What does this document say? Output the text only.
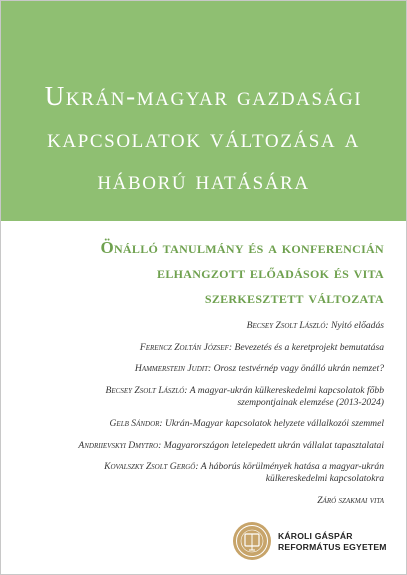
Ukrán-magyar gazdasági
kapcsolatok változása a
háború hatására
Önálló tanulmány és a konferencián
elhangzott előadások és vita
szerkesztett változata
Becsey Zsolt László: Nyitó előadás
Ferencz Zoltán József: Bevezetés és a keretprojekt bemutatása
Hammerstein Judit: Orosz testvérnép vagy önálló ukrán nemzet?
Becsey Zsolt László: A magyar-ukrán külkereskedelmi kapcsolatok főbb
szempontjainak elemzése (2013-2024)
Gelb Sándor: Ukrán-Magyar kapcsolatok helyzete vállalkozói szemmel
Andriievskyi Dmytro: Magyarországon letelepedett ukrán vállalat tapasztalatai
Kovalszky Zsolt Gergő: A háborús körülmények hatása a magyar-ukrán
külkereskedelmi kapcsolatokra
Záró szakmai vita
KÁROLI GÁSPÁR
REFORMÁTUS EGYETEM
